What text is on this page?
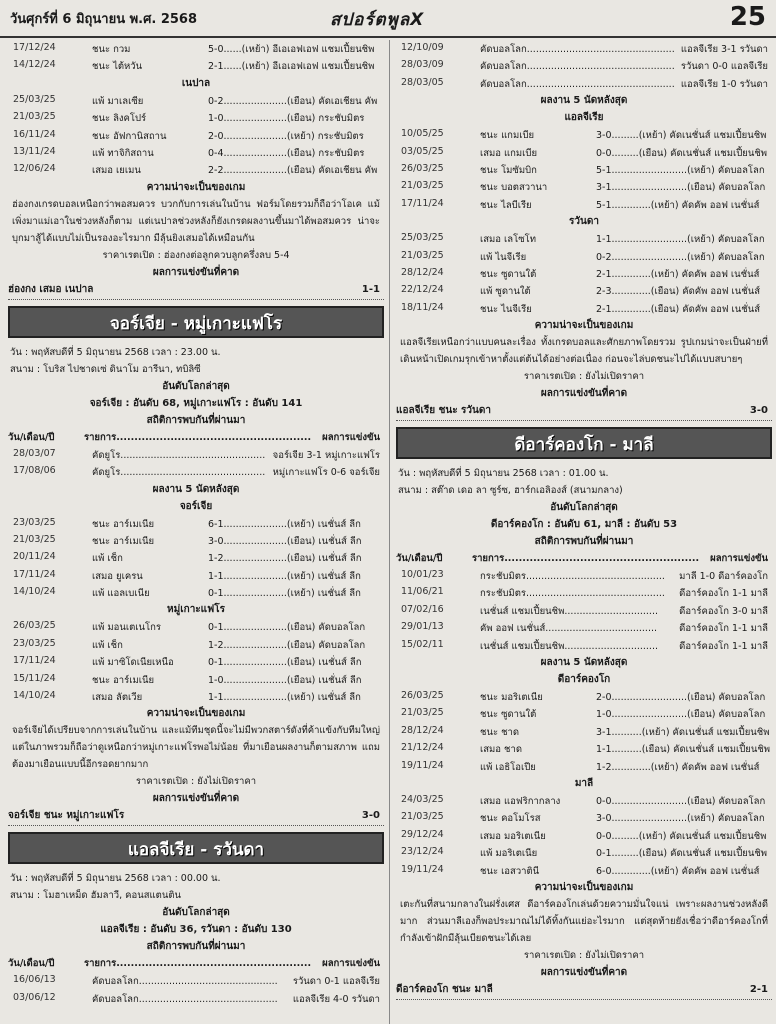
วันศุกร์ที่ 6 มิถุนายน พ.ศ. 2568	สปอร์ตพูลX	25
17/12/24	ชนะ กวม	5-0......(เหย้า) อีเอเอฟเอฟ แชมเปี้ยนชิพ
14/12/24	ชนะ ไต้หวัน	2-1......(เหย้า) อีเอเอฟเอฟ แชมเปี้ยนชิพ
เนปาล
25/03/25	แพ้ มาเลเซีย	0-2.....................(เยือน) คัดเอเชียน คัพ
21/03/25	ชนะ ลิงคโปร์	1-0.....................(เยือน) กระชับมิตร
16/11/24	ชนะ อัฟกานิสถาน	2-0.....................(เหย้า) กระชับมิตร
13/11/24	แพ้ ทาจิกิสถาน	0-4.....................(เยือน) กระชับมิตร
12/06/24	เสมอ เยเมน	2-2.....................(เยือน) คัดเอเชียน คัพ
ความน่าจะเป็นของเกม
ฮ่องกงเกรดบอลเหนือกว่าพอสมควร บวกกับการเล่นในบ้าน ฟอร์มโดยรวมก็ถือว่าโอเค แม้เพิ่งมาแม่เอาในช่วงหลังก็ตาม แต่เนปาลช่วงหลังก็ยังเกรดผลงานขึ้นมาได้พอสมควร น่าจะบุกมาสู้ได้แบบไม่เป็นรองอะไรมาก มีลุ้นยิงเสมอได้เหมือนกัน
ราคาเรตเปิด : ฮ่องกงต่อลูกควบลูกครึ่งลบ 5-4
ผลการแข่งขันที่คาด
ฮ่องกง เสมอ เนปาล	1-1
จอร์เจีย - หมู่เกาะแฟโร
วัน : พฤหัสบดีที่ 5 มิถุนายน 2568 เวลา : 23.00 น.
สนาม : โบริส ไปชาดเซ่ ดินาโม อารีนา, ทบิลิซี
อันดับโลกล่าสุด
จอร์เจีย : อันดับ 68, หมู่เกาะแฟโร : อันดับ 141
สถิติการพบกันที่ผ่านมา
วัน/เดือน/ปี	รายการ...................................................... ผลการแข่งขัน
28/03/07	คัดยูโร................................................ จอร์เจีย 3-1 หมู่เกาะแฟโร
17/08/06	คัดยูโร................................................ หมู่เกาะแฟโร 0-6 จอร์เจีย
ผลงาน 5 นัดหลังสุด
จอร์เจีย
23/03/25	ชนะ อาร์เมเนีย	6-1.....................(เหย้า) เนชั่นส์ ลีก
21/03/25	ชนะ อาร์เมเนีย	3-0.....................(เยือน) เนชั่นส์ ลีก
20/11/24	แพ้ เช็ก	1-2.....................(เยือน) เนชั่นส์ ลีก
17/11/24	เสมอ ยูเครน	1-1.....................(เหย้า) เนชั่นส์ ลีก
14/10/24	แพ้ แอลเบเนีย	0-1.....................(เหย้า) เนชั่นส์ ลีก
หมู่เกาะแฟโร
26/03/25	แพ้ มอนเตเนโกร	0-1.....................(เยือน) คัดบอลโลก
23/03/25	แพ้ เช็ก	1-2.....................(เยือน) คัดบอลโลก
17/11/24	แพ้ มาซิโดเนียเหนือ	0-1.....................(เยือน) เนชั่นส์ ลีก
15/11/24	ชนะ อาร์เมเนีย	1-0.....................(เยือน) เนชั่นส์ ลีก
14/10/24	เสมอ ลัตเวีย	1-1.....................(เหย้า) เนชั่นส์ ลีก
ความน่าจะเป็นของเกม
จอร์เจียได้เปรียบจากการเล่นในบ้าน และแม้ทีมชุดนี้จะไม่มีพวกสตาร์ดังที่ค้าแข้งกับทีมใหญ่ แต่ในภาพรวมก็ถือว่าดูเหนือกว่าหมู่เกาะแฟโรพอไม่น้อย ที่มาเยือนผลงานก็ตามสภาพ แถมต้องมาเยือนแบบนี้อีกรอดยากมาก
ราคาเรตเปิด : ยังไม่เปิดราคา
ผลการแข่งขันที่คาด
จอร์เจีย ชนะ หมู่เกาะแฟโร	3-0
แอลจีเรีย - รวันดา
วัน : พฤหัสบดีที่ 5 มิถุนายน 2568 เวลา : 00.00 น.
สนาม : โมฮาเหม็ด ฮัมลาวี, คอนสแตนติน
อันดับโลกล่าสุด
แอลจีเรีย : อันดับ 36, รวันดา : อันดับ 130
สถิติการพบกันที่ผ่านมา
วัน/เดือน/ปี	รายการ...................................................... ผลการแข่งขัน
16/06/13	คัดบอลโลก.............................................. รวันดา 0-1 แอลจีเรีย
03/06/12	คัดบอลโลก.............................................. แอลจีเรีย 4-0 รวันดา
12/10/09	คัดบอลโลก................................................. แอลจีเรีย 3-1 รวันดา
28/03/09	คัดบอลโลก................................................. รวันดา 0-0 แอลจีเรีย
28/03/05	คัดบอลโลก................................................. แอลจีเรีย 1-0 รวันดา
ผลงาน 5 นัดหลังสุด
แอลจีเรีย
10/05/25	ชนะ แกมเบีย	3-0.........(เหย้า) คัดเนชั่นส์ แชมเปี้ยนชิพ
03/05/25	เสมอ แกมเบีย	0-0.........(เยือน) คัดเนชั่นส์ แชมเปี้ยนชิพ
26/03/25	ชนะ โมซัมบิก	5-1.........................(เหย้า) คัดบอลโลก
21/03/25	ชนะ บอตสวานา	3-1.........................(เยือน) คัดบอลโลก
17/11/24	ชนะ ไลบีเรีย	5-1.............(เหย้า) คัดคัพ ออฟ เนชั่นส์
รวันดา
25/03/25	เสมอ เลโซโท	1-1.........................(เหย้า) คัดบอลโลก
21/03/25	แพ้ ไนจีเรีย	0-2.........................(เหย้า) คัดบอลโลก
28/12/24	ชนะ ซูดานใต้	2-1.............(เหย้า) คัดคัพ ออฟ เนชั่นส์
22/12/24	แพ้ ซูดานใต้	2-3.............(เยือน) คัดคัพ ออฟ เนชั่นส์
18/11/24	ชนะ ไนจีเรีย	2-1.............(เยือน) คัดคัพ ออฟ เนชั่นส์
ความน่าจะเป็นของเกม
แอลจีเรียเหนือกว่าแบบคนละเรื่อง ทั้งเกรดบอลและศักยภาพโดยรวม รูปเกมน่าจะเป็นฝ่ายที่เดินหน้าเปิดเกมรุกเข้าหาตั้งแต่ต้นได้อย่างต่อเนื่อง ก่อนจะไล่บดชนะไปได้แบบสบายๆ
ราคาเรตเปิด : ยังไม่เปิดราคา
ผลการแข่งขันที่คาด
แอลจีเรีย ชนะ รวันดา	3-0
ดีอาร์คองโก - มาลี
วัน : พฤหัสบดีที่ 5 มิถุนายน 2568 เวลา : 01.00 น.
สนาม : สต๊าด เดอ ลา ซูร์ซ, ฮาร์กเอลิองส์ (สนามกลาง)
อันดับโลกล่าสุด
ดีอาร์คองโก : อันดับ 61, มาลี : อันดับ 53
สถิติการพบกันที่ผ่านมา
วัน/เดือน/ปี	รายการ...................................................... ผลการแข่งขัน
10/01/23	กระชับมิตร.............................................. มาลี 1-0 ดีอาร์คองโก
11/06/21	กระชับมิตร.............................................. ดีอาร์คองโก 1-1 มาลี
07/02/16	เนชั่นส์ แชมเปี้ยนชิพ............................... ดีอาร์คองโก 3-0 มาลี
29/01/13	คัพ ออฟ เนชั่นส์..................................... ดีอาร์คองโก 1-1 มาลี
15/02/11	เนชั่นส์ แชมเปี้ยนชิพ............................... ดีอาร์คองโก 1-1 มาลี
ผลงาน 5 นัดหลังสุด
ดีอาร์คองโก
26/03/25	ชนะ มอริเตเนีย	2-0.........................(เยือน) คัดบอลโลก
21/03/25	ชนะ ซูดานใต้	1-0.........................(เยือน) คัดบอลโลก
28/12/24	ชนะ ชาด	3-1..........(เหย้า) คัดเนชั่นส์ แชมเปี้ยนชิพ
21/12/24	เสมอ ชาด	1-1..........(เยือน) คัดเนชั่นส์ แชมเปี้ยนชิพ
19/11/24	แพ้ เอธิโอเปีย	1-2.............(เหย้า) คัดคัพ ออฟ เนชั่นส์
มาลี
24/03/25	เสมอ แอฟริกากลาง	0-0.........................(เยือน) คัดบอลโลก
21/03/25	ชนะ คอโมโรส	3-0.........................(เหย้า) คัดบอลโลก
29/12/24	เสมอ มอริเตเนีย	0-0.........(เหย้า) คัดเนชั่นส์ แชมเปี้ยนชิพ
23/12/24	แพ้ มอริเตเนีย	0-1.........(เยือน) คัดเนชั่นส์ แชมเปี้ยนชิพ
19/11/24	ชนะ เอสวาตินี	6-0.............(เหย้า) คัดคัพ ออฟ เนชั่นส์
ความน่าจะเป็นของเกม
เตะกันที่สนามกลางในฝรั่งเศส ดีอาร์คองโกเล่นด้วยความมั่นใจแน่ เพราะผลงานช่วงหลังดีมาก ส่วนมาลีเองก็พอประมาณไม่ได้ทิ้งกันแย่อะไรมาก แต่สุดท้ายยังเชื่อว่าดีอาร์คองโกที่กำลังเข้าฝักมีลุ้นเบียดชนะได้เลย
ราคาเรตเปิด : ยังไม่เปิดราคา
ผลการแข่งขันที่คาด
ดีอาร์คองโก ชนะ มาลี	2-1
